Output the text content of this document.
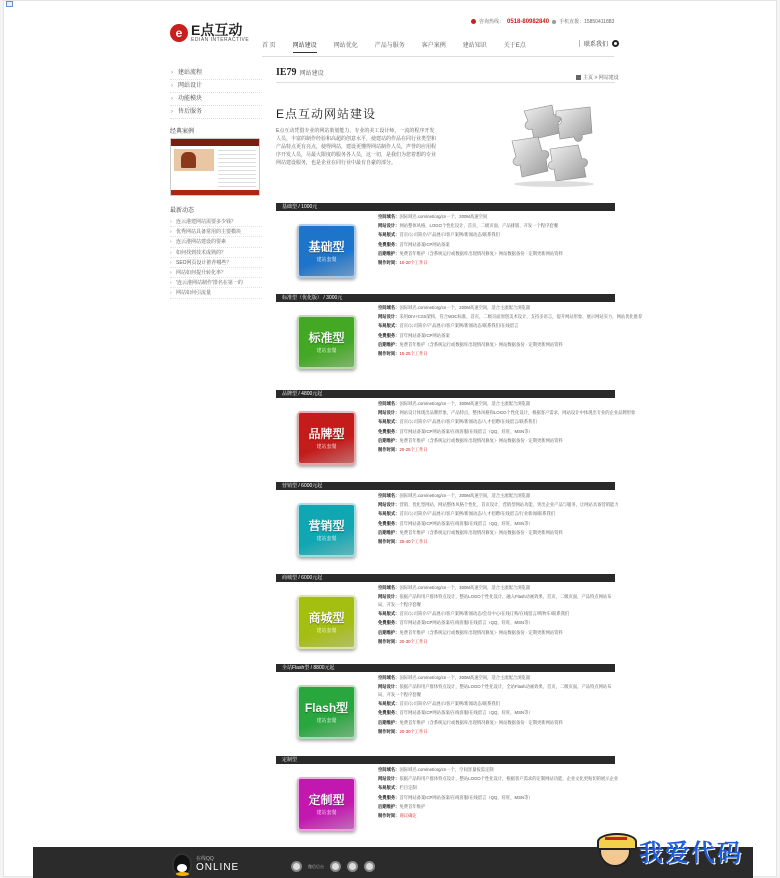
e E点互动
EDIAN INTERACTIVE
咨询热线： 0518-80982840 手机直拨：15850411883
首 页	网站建设	网站优化	产品与服务	客户案例	建站知识	关于E点	联系我们
› 建站流程
› 网站设计
› 功能模块
› 售后服务
经典案例
最新动态
› 连云港建网站需要多少钱？
› 优秀网站具备常用的主要模块
› 连云港网站建设的要素
› 如何找到技术成熟的？
› SEO网页设计推荐哪些？
› 网站如何提升转化率？
› '连云港网站制作'排名在第一的
› 网站如何引流量
IE79 网站建设
主页 > 网站建设
E点互动网站建设
E点互动凭借专业的网站策划能力，专业的美工设计师，一流的程序开发人员，丰富的制作经验和高超的创意水平，使建站的作品在同行业类型和产品特点更有亮点，使得网站，建设更懂得网站制作人员，声誉的应用程序开发人员，尽最大限度的服务各人员，这一切，是我们为您着想的专业网站建设服务，也是企业在同行业中最有自豪的部分。
基础型 / 1000元
基础型
建站套餐
空间域名：国际域名.com/net/org/cn一个，300M高速空间
网站设计：网站整体风格，LOGO个性化设计，首页，二级页面，产品排版，开发一个程序套餐
布局版式：首页/公司简介/产品展示/客户案例/新闻动态/联系我们
免费服务：首年网站备案ICP网站备案
后期维护：免费首年维护（含系统运行或数据库出现情况修复）· 网站数据备份 · 定期更新网站资料
制作时间：10-20个工作日
标准型（优化版） / 3000元
标准型
建站套餐
空间域名：国际域名.com/net/org/cn一个，200M高速空间，适合主流配合浏览器
网站设计：采用DIV+CSS架构，符合W3C标准，首页，二级页面原创美术设计，支持多语言，提升网站形象，展示网站实力，网站优化推荐
布局版式：首页/公司简介/产品展示/客户案例/新闻动态/联系我们/在线留言
免费服务：首年网站备案ICP网站备案
后期维护：免费首年维护（含系统运行或数据库出现情况修复）· 网站数据备份 · 定期更新网站资料
制作时间：15-25个工作日
品牌型 / 4800元起
品牌型
建站套餐
空间域名：国际域名.com/net/org/cn一个，300M高速空间，适合主流配合浏览器
网站设计：网站设计体现出品牌形象，产品特点，整体风格和LOGO个性化设计，根据客户需求，网站设计中体现出专业的企业品牌形象
布局版式：首页/公司简介/产品展示/客户案例/新闻动态/人才招聘/在线留言/联系我们
免费服务：首年网站备案ICP网站备案/在线客服/在线留言（QQ，旺旺，MSN等）
后期维护：免费首年维护（含系统运行或数据库出现情况修复）· 网站数据备份 · 定期更新网站资料
制作时间：20-25个工作日
营销型 / 6000元起
营销型
建站套餐
空间域名：国际域名.com/net/org/cn一个，300M高速空间，适合主流配合浏览器
网站设计：营销、优化型网站，网站整体风格个性化，首页设计，营销型网站功能，突出企业产品与服务，让网站具备营销能力
布局版式：首页/公司简介/产品展示/客户案例/新闻动态/人才招聘/在线留言/行业新闻/联系我们
免费服务：首年网站备案ICP网站备案/在线客服/在线留言（QQ，旺旺，MSN等）
后期维护：免费首年维护（含系统运行或数据库出现情况修复）· 网站数据备份 · 定期更新网站资料
制作时间：25-40个工作日
商城型 / 6000元起
商城型
建站套餐
空间域名：国际域名.com/net/org/cn一个，300M高速空间，适合主流配合浏览器
网站设计：依据产品和用户群体特点设计，整站LOGO个性化设计，融入Flash动画效果，首页，二级页面，产品特点网站布局，开发一个程序套餐
布局版式：首页/公司简介/产品展示/客户案例/新闻动态/会员中心/在线订购/在线留言/购物车/联系我们
免费服务：首年网站备案ICP网站备案/在线客服/在线留言（QQ，旺旺，MSN等）
后期维护：免费首年维护（含系统运行或数据库出现情况修复）· 网站数据备份 · 定期更新网站资料
制作时间：20-30个工作日
全站Flash型 / 8800元起
Flash型
建站套餐
空间域名：国际域名.com/net/org/cn一个，300M高速空间，适合主流配合浏览器
网站设计：依据产品和用户群体特点设计，整站LOGO个性化设计，全站Flash动画效果，首页，二级页面，产品特点网站布局，开发一个程序套餐
布局版式：首页/公司简介/产品展示/客户案例/新闻动态/联系我们
免费服务：首年网站备案ICP网站备案/在线客服/在线留言（QQ，旺旺，MSN等）
后期维护：免费首年维护（含系统运行或数据库出现情况修复）· 网站数据备份 · 定期更新网站资料
制作时间：20-30个工作日
定制型
定制型
建站套餐
空间域名：国际域名.com/net/org/cn一个，空间容量按需定制
网站设计：依据产品和用户群体特点设计，整站LOGO个性化设计，根据客户需求的定制网站功能，企业文化更贴切的展示企业
布局版式：栏目定制
免费服务：首年网站备案ICP网站备案/在线客服/在线留言（QQ，旺旺，MSN等）
后期维护：免费首年维护
制作时间：商议确定
在线QQ
ONLINE	微信后台	我爱代码
